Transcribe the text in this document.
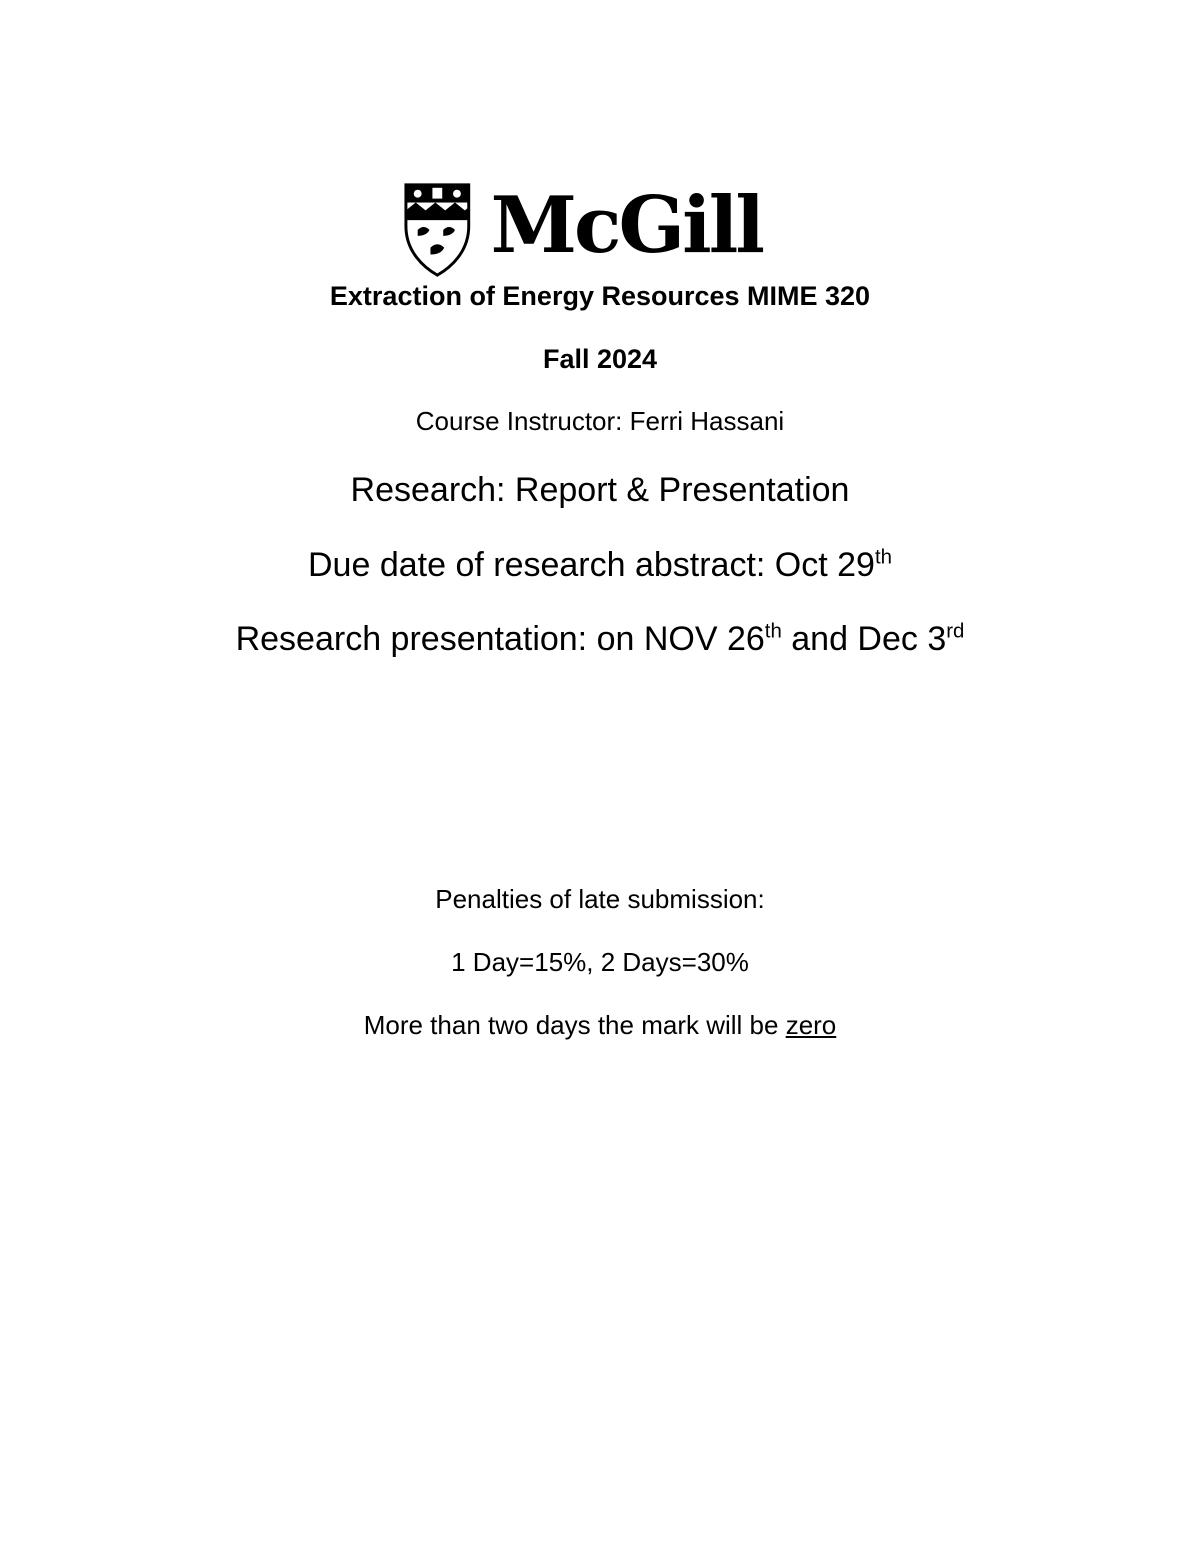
McGill
Extraction of Energy Resources MIME 320
Fall 2024
Course Instructor: Ferri Hassani
Research: Report & Presentation
Due date of research abstract: Oct 29th
Research presentation: on NOV 26th and Dec 3rd
Penalties of late submission:
1 Day=15%, 2 Days=30%
More than two days the mark will be zero
